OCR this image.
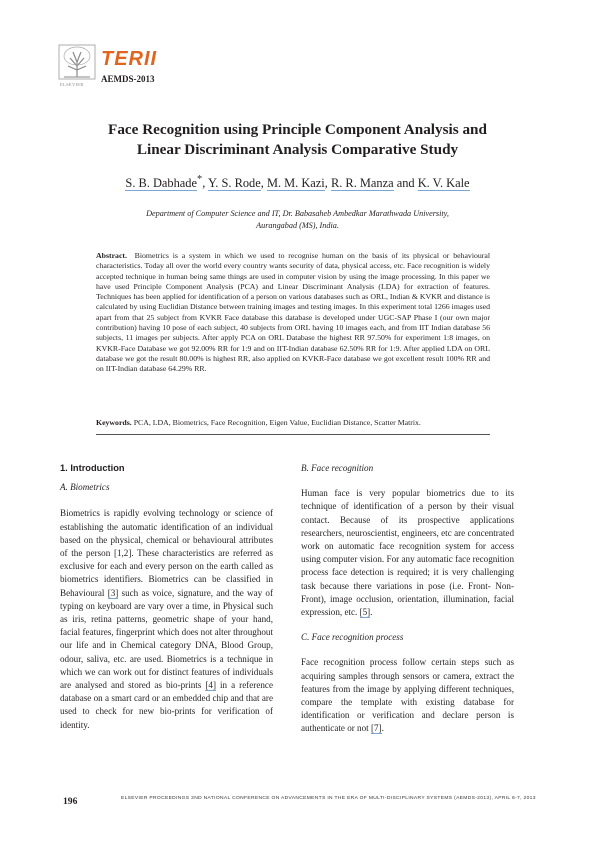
ELSEVIER
TERII
AEMDS-2013
Face Recognition using Principle Component Analysis and
Linear Discriminant Analysis Comparative Study
S. B. Dabhade*, Y. S. Rode, M. M. Kazi, R. R. Manza and K. V. Kale
Department of Computer Science and IT, Dr. Babasaheb Ambedkar Marathwada University,
Aurangabad (MS), India.
Abstract. Biometrics is a system in which we used to recognise human on the basis of its physical or behavioural characteristics. Today all over the world every country wants security of data, physical access, etc. Face recognition is widely accepted technique in human being same things are used in computer vision by using the image processing. In this paper we have used Principle Component Analysis (PCA) and Linear Discriminant Analysis (LDA) for extraction of features. Techniques has been applied for identification of a person on various databases such as ORL, Indian & KVKR and distance is calculated by using Euclidian Distance between training images and testing images. In this experiment total 1266 images used apart from that 25 subject from KVKR Face database this database is developed under UGC-SAP Phase I (our own major contribution) having 10 pose of each subject, 40 subjects from ORL having 10 images each, and from IIT Indian database 56 subjects, 11 images per subjects. After apply PCA on ORL Database the highest RR 97.50% for experiment 1:8 images, on KVKR-Face Database we got 92.00% RR for 1:9 and on IIT-Indian database 62.50% RR for 1:9. After applied LDA on ORL database we got the result 80.00% is highest RR, also applied on KVKR-Face database we got excellent result 100% RR and on IIT-Indian database 64.29% RR.
Keywords. PCA, LDA, Biometrics, Face Recognition, Eigen Value, Euclidian Distance, Scatter Matrix.
1. Introduction
A. Biometrics
Biometrics is rapidly evolving technology or science of establishing the automatic identification of an individual based on the physical, chemical or behavioural attributes of the person [1,2]. These characteristics are referred as exclusive for each and every person on the earth called as biometrics identifiers. Biometrics can be classified in Behavioural [3] such as voice, signature, and the way of typing on keyboard are vary over a time, in Physical such as iris, retina patterns, geometric shape of your hand, facial features, fingerprint which does not alter throughout our life and in Chemical category DNA, Blood Group, odour, saliva, etc. are used. Biometrics is a technique in which we can work out for distinct features of individuals are analysed and stored as bio-prints [4] in a reference database on a smart card or an embedded chip and that are used to check for new bio-prints for verification of identity.
B. Face recognition
Human face is very popular biometrics due to its technique of identification of a person by their visual contact. Because of its prospective applications researchers, neuroscientist, engineers, etc are concentrated work on automatic face recognition system for access using computer vision. For any automatic face recognition process face detection is required; it is very challenging task because there variations in pose (i.e. Front- Non-Front), image occlusion, orientation, illumination, facial expression, etc. [5].
C. Face recognition process
Face recognition process follow certain steps such as acquiring samples through sensors or camera, extract the features from the image by applying different techniques, compare the template with existing database for identification or verification and declare person is authenticate or not [7].
196	ELSEVIER PROCEEDINGS 2ND NATIONAL CONFERENCE ON ADVANCEMENTS IN THE ERA OF MULTI-DISCIPLINARY SYSTEMS (AEMDS-2013), APRIL 6-7, 2013
